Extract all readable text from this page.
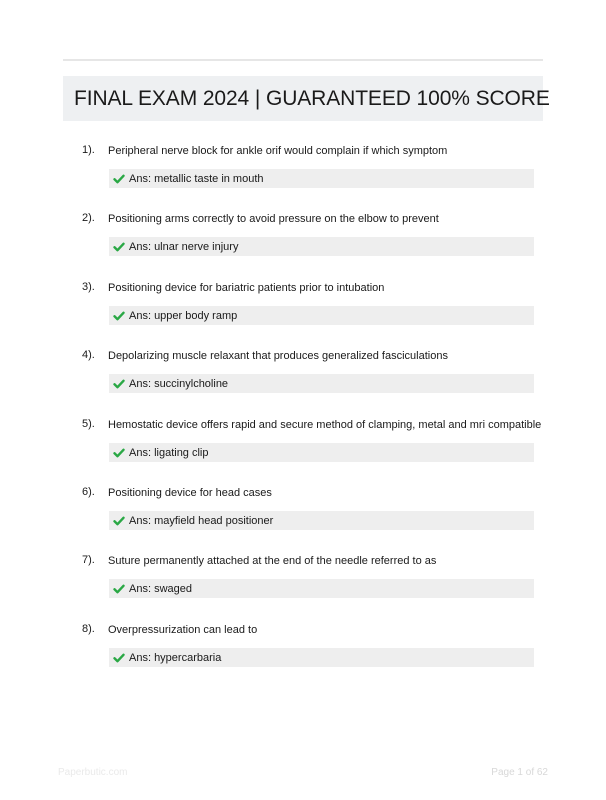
FINAL EXAM 2024 | GUARANTEED 100% SCORE
1). Peripheral nerve block for ankle orif would complain if which symptom
Ans: metallic taste in mouth
2). Positioning arms correctly to avoid pressure on the elbow to prevent
Ans: ulnar nerve injury
3). Positioning device for bariatric patients prior to intubation
Ans: upper body ramp
4). Depolarizing muscle relaxant that produces generalized fasciculations
Ans: succinylcholine
5). Hemostatic device offers rapid and secure method of clamping, metal and mri compatible
Ans: ligating clip
6). Positioning device for head cases
Ans: mayfield head positioner
7). Suture permanently attached at the end of the needle referred to as
Ans: swaged
8). Overpressurization can lead to
Ans: hypercarbaria
Paperbutic.com	Page 1 of 62
